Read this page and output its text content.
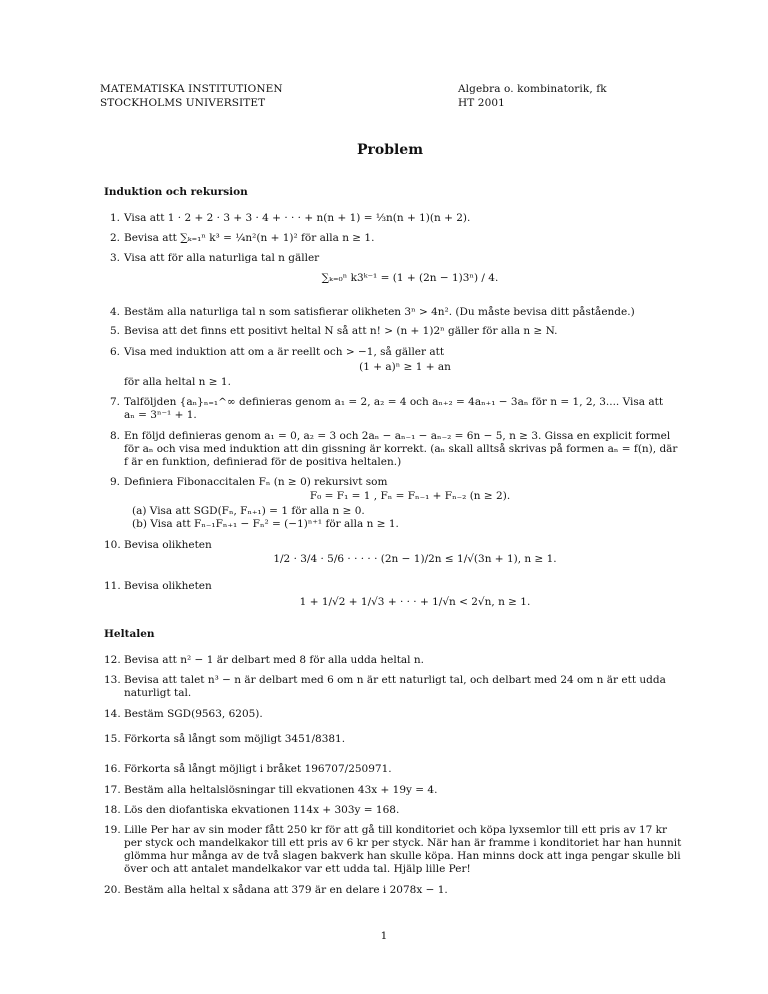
MATEMATISKA INSTITUTIONEN
STOCKHOLMS UNIVERSITET
Algebra o. kombinatorik, fk
HT 2001
Problem
Induktion och rekursion
1. Visa att 1 · 2 + 2 · 3 + 3 · 4 + · · · + n(n + 1) = ⅓n(n + 1)(n + 2).
2. Bevisa att ∑ₖ₌₁ⁿ k³ = ¼n²(n + 1)² för alla n ≥ 1.
3. Visa att för alla naturliga tal n gäller
∑ₖ₌₀ⁿ k3ᵏ⁻¹ = (1 + (2n − 1)3ⁿ) / 4.
4. Bestäm alla naturliga tal n som satisfierar olikheten 3ⁿ > 4n². (Du måste bevisa ditt påstående.)
5. Bevisa att det finns ett positivt heltal N så att n! > (n + 1)2ⁿ gäller för alla n ≥ N.
6. Visa med induktion att om a är reellt och > −1, så gäller att
(1 + a)ⁿ ≥ 1 + an
för alla heltal n ≥ 1.
7. Talföljden {aₙ}ₙ₌₁^∞ definieras genom a₁ = 2, a₂ = 4 och aₙ₊₂ = 4aₙ₊₁ − 3aₙ för n = 1, 2, 3.... Visa att
aₙ = 3ⁿ⁻¹ + 1.
8. En följd definieras genom a₁ = 0, a₂ = 3 och 2aₙ − aₙ₋₁ − aₙ₋₂ = 6n − 5, n ≥ 3. Gissa en explicit formel
för aₙ och visa med induktion att din gissning är korrekt. (aₙ skall alltså skrivas på formen aₙ = f(n), där
f är en funktion, definierad för de positiva heltalen.)
9. Definiera Fibonaccitalen Fₙ (n ≥ 0) rekursivt som
F₀ = F₁ = 1 , Fₙ = Fₙ₋₁ + Fₙ₋₂ (n ≥ 2).
(a) Visa att SGD(Fₙ, Fₙ₊₁) = 1 för alla n ≥ 0.
(b) Visa att Fₙ₋₁Fₙ₊₁ − Fₙ² = (−1)ⁿ⁺¹ för alla n ≥ 1.
10. Bevisa olikheten
1/2 · 3/4 · 5/6 · · · · · (2n − 1)/2n ≤ 1/√(3n + 1), n ≥ 1.
11. Bevisa olikheten
1 + 1/√2 + 1/√3 + · · · + 1/√n < 2√n, n ≥ 1.
Heltalen
12. Bevisa att n² − 1 är delbart med 8 för alla udda heltal n.
13. Bevisa att talet n³ − n är delbart med 6 om n är ett naturligt tal, och delbart med 24 om n är ett udda
naturligt tal.
14. Bestäm SGD(9563, 6205).
15. Förkorta så långt som möjligt 3451/8381.
16. Förkorta så långt möjligt i bråket 196707/250971.
17. Bestäm alla heltalslösningar till ekvationen 43x + 19y = 4.
18. Lös den diofantiska ekvationen 114x + 303y = 168.
19. Lille Per har av sin moder fått 250 kr för att gå till konditoriet och köpa lyxsemlor till ett pris av 17 kr
per styck och mandelkakor till ett pris av 6 kr per styck. När han är framme i konditoriet har han hunnit
glömma hur många av de två slagen bakverk han skulle köpa. Han minns dock att inga pengar skulle bli
över och att antalet mandelkakor var ett udda tal. Hjälp lille Per!
20. Bestäm alla heltal x sådana att 379 är en delare i 2078x − 1.
1
